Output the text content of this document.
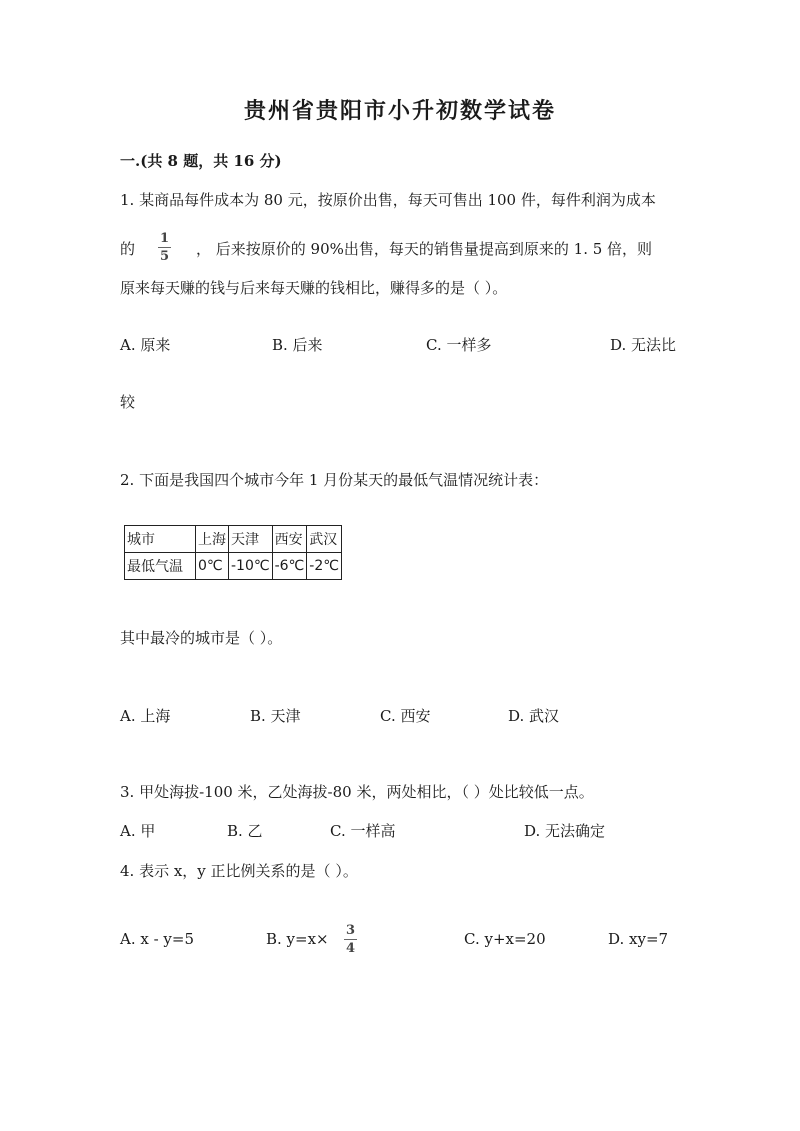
贵州省贵阳市小升初数学试卷
一.(共 8 题，共 16 分)
1. 某商品每件成本为 80 元，按原价出售，每天可售出 100 件，每件利润为成本
的 $\frac{1}{5}$ ， 后来按原价的 90%出售，每天的销售量提高到原来的 1. 5 倍，则
原来每天赚的钱与后来每天赚的钱相比，赚得多的是（ ）。
A. 原来	B. 后来	C. 一样多	D. 无法比
较
2. 下面是我国四个城市今年 1 月份某天的最低气温情况统计表：
城市	上海	天津	西安	武汉
最低气温	0℃	-10℃	-6℃	-2℃
其中最冷的城市是（ ）。
A. 上海	B. 天津	C. 西安	D. 武汉
3. 甲处海拔-100 米，乙处海拔-80 米，两处相比，（ ）处比较低一点。
A. 甲	B. 乙	C. 一样高	D. 无法确定
4. 表示 x，y 正比例关系的是（ ）。
A. x - y=5	B. $y=x\times \frac{3}{4}$	C. y+x=20	D. xy=7
